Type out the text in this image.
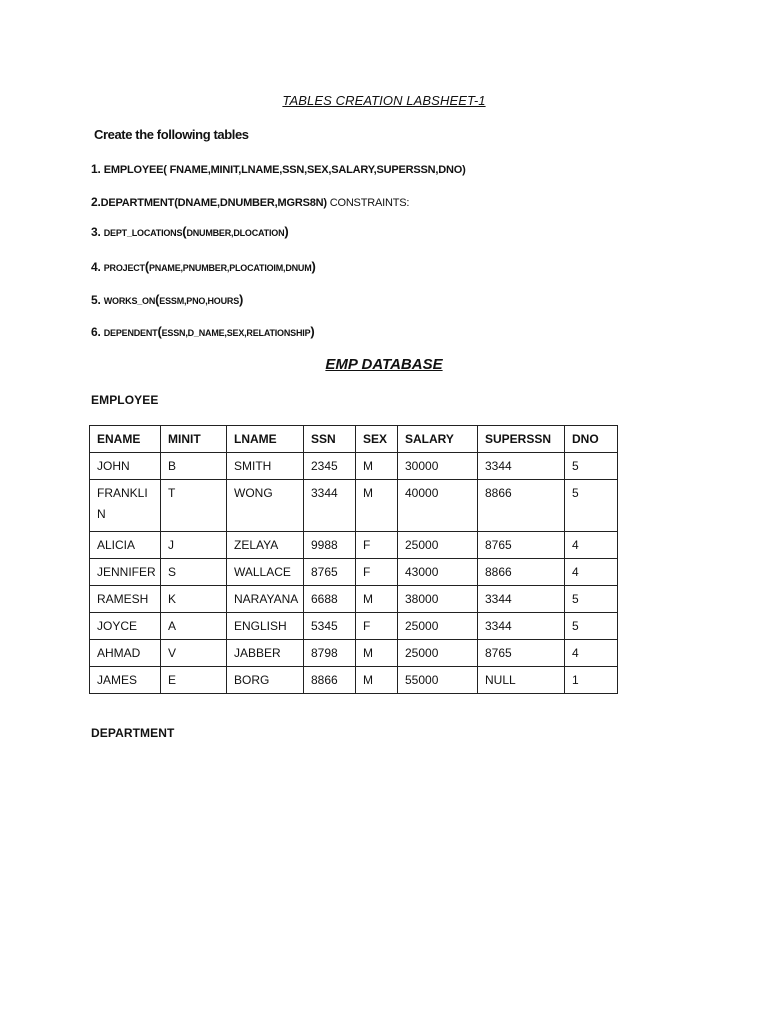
TABLES CREATION LABSHEET-1
Create the following tables
1. EMPLOYEE( FNAME,MINIT,LNAME,SSN,SEX,SALARY,SUPERSSN,DNO)
2.DEPARTMENT(DNAME,DNUMBER,MGRS8N) CONSTRAINTS:
3. DEPT_LOCATIONS(DNUMBER,DLOCATION)
4. PROJECT(PNAME,PNUMBER,PLOCATIOIM,DNUM)
5. WORKS_ON(ESSM,PNO,HOURS)
6. DEPENDENT(ESSN,D_NAME,SEX,RELATIONSHIP)
EMP DATABASE
EMPLOYEE
ENAME	MINIT	LNAME	SSN	SEX	SALARY	SUPERSSN	DNO
JOHN	B	SMITH	2345	M	30000	3344	5
FRANKLIN	T	WONG	3344	M	40000	8866	5
ALICIA	J	ZELAYA	9988	F	25000	8765	4
JENNIFER	S	WALLACE	8765	F	43000	8866	4
RAMESH	K	NARAYANA	6688	M	38000	3344	5
JOYCE	A	ENGLISH	5345	F	25000	3344	5
AHMAD	V	JABBER	8798	M	25000	8765	4
JAMES	E	BORG	8866	M	55000	NULL	1
DEPARTMENT
